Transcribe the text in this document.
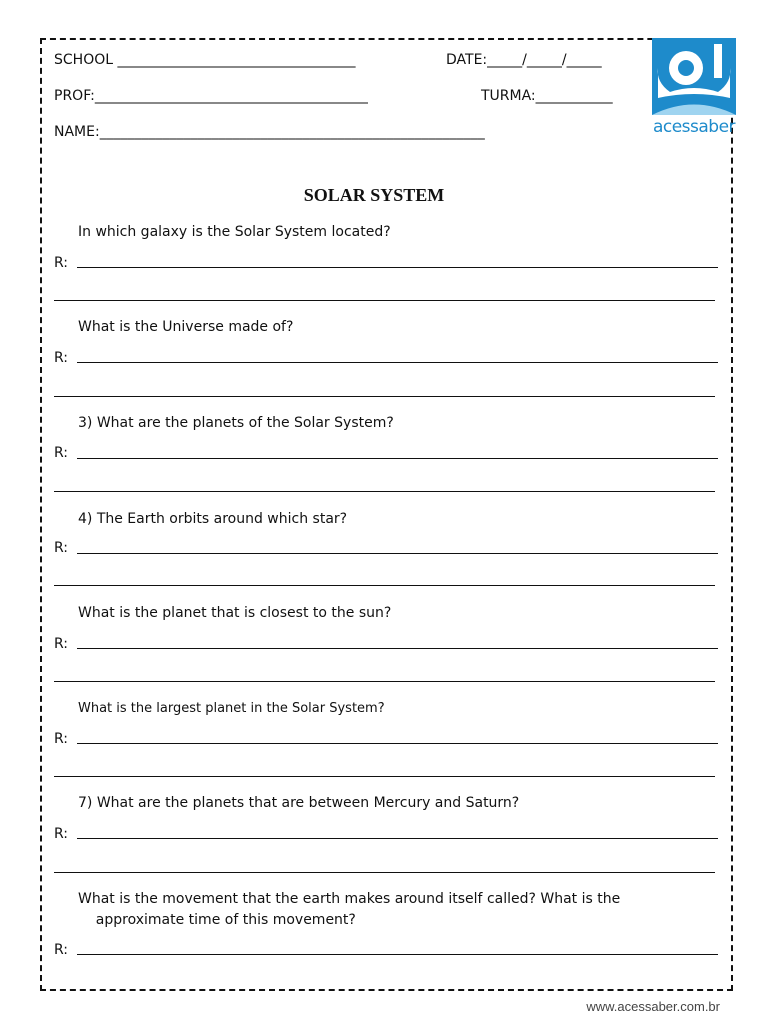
SCHOOL __________________________________	DATE:_____/_____/_____
PROF:_______________________________________	TURMA:___________
NAME:_______________________________________________________	acessaber
SOLAR SYSTEM
In which galaxy is the Solar System located?
R:
What is the Universe made of?
R:
3) What are the planets of the Solar System?
R:
4) The Earth orbits around which star?
R:
What is the planet that is closest to the sun?
R:
What is the largest planet in the Solar System?
R:
7) What are the planets that are between Mercury and Saturn?
R:
What is the movement that the earth makes around itself called? What is the
approximate time of this movement?
R:
www.acessaber.com.br
